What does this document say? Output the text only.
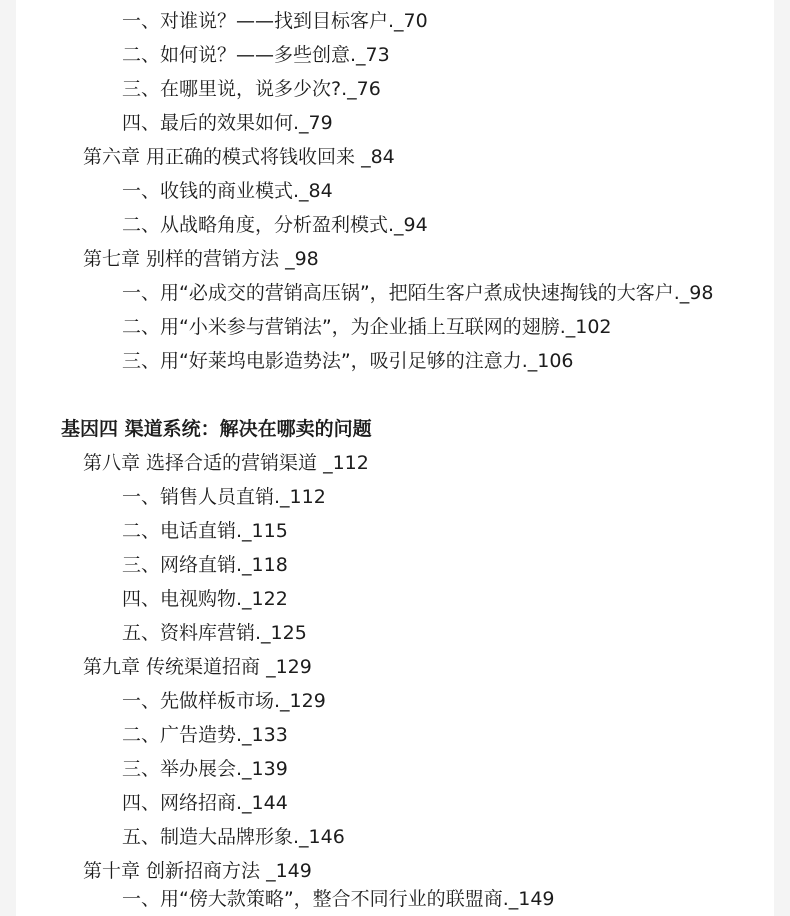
一、对谁说？——找到目标客户._70
二、如何说？——多些创意._73
三、在哪里说，说多少次?._76
四、最后的效果如何._79
第六章 用正确的模式将钱收回来 _84
一、收钱的商业模式._84
二、从战略角度，分析盈利模式._94
第七章 别样的营销方法 _98
一、用“必成交的营销高压锅”，把陌生客户煮成快速掏钱的大客户._98
二、用“小米参与营销法”，为企业插上互联网的翅膀._102
三、用“好莱坞电影造势法”，吸引足够的注意力._106
基因四 渠道系统：解决在哪卖的问题
第八章 选择合适的营销渠道 _112
一、销售人员直销._112
二、电话直销._115
三、网络直销._118
四、电视购物._122
五、资料库营销._125
第九章 传统渠道招商 _129
一、先做样板市场._129
二、广告造势._133
三、举办展会._139
四、网络招商._144
五、制造大品牌形象._146
第十章 创新招商方法 _149
一、用“傍大款策略”，整合不同行业的联盟商._149
